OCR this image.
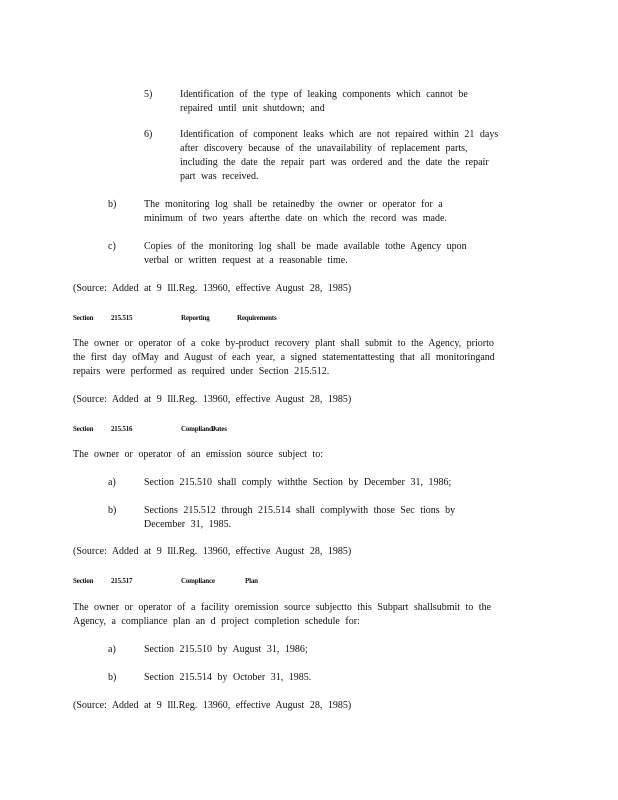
5)	Identification of the type of leaking components which cannot be repaired until unit shutdown; and
6)	Identification of component leaks which are not repaired within 21 days after discovery because of the unavailability of replacement parts, including the date the repair part was ordered and the date the repair part was received.
b)	The monitoring log shall be retainedby the owner or operator for a minimum of two years afterthe date on which the record was made.
c)	Copies of the monitoring log shall be made available tothe Agency upon verbal or written request at a reasonable time.
(Source: Added at 9 Ill.Reg. 13960, effective August 28, 1985)
Section	215.515	Reporting	Requirements
The owner or operator of a coke by-product recovery plant shall submit to the Agency, priorto the first day ofMay and August of each year, a signed statementattesting that all monitoringand repairs were performed as required under Section 215.512.
(Source: Added at 9 Ill.Reg. 13960, effective August 28, 1985)
Section	215.516	Compliance
Dates
The owner or operator of an emission source subject to:
a)	Section 215.510 shall comply withthe Section by December 31, 1986;
b)	Sections 215.512 through 215.514 shall complywith those Sec tions by December 31, 1985.
(Source: Added at 9 Ill.Reg. 13960, effective August 28, 1985)
Section	215.517	Compliance	Plan
The owner or operator of a facility oremission source subjectto this Subpart shallsubmit to the Agency, a compliance plan an d project completion schedule for:
a)	Section 215.510 by August 31, 1986;
b)	Section 215.514 by October 31, 1985.
(Source: Added at 9 Ill.Reg. 13960, effective August 28, 1985)
